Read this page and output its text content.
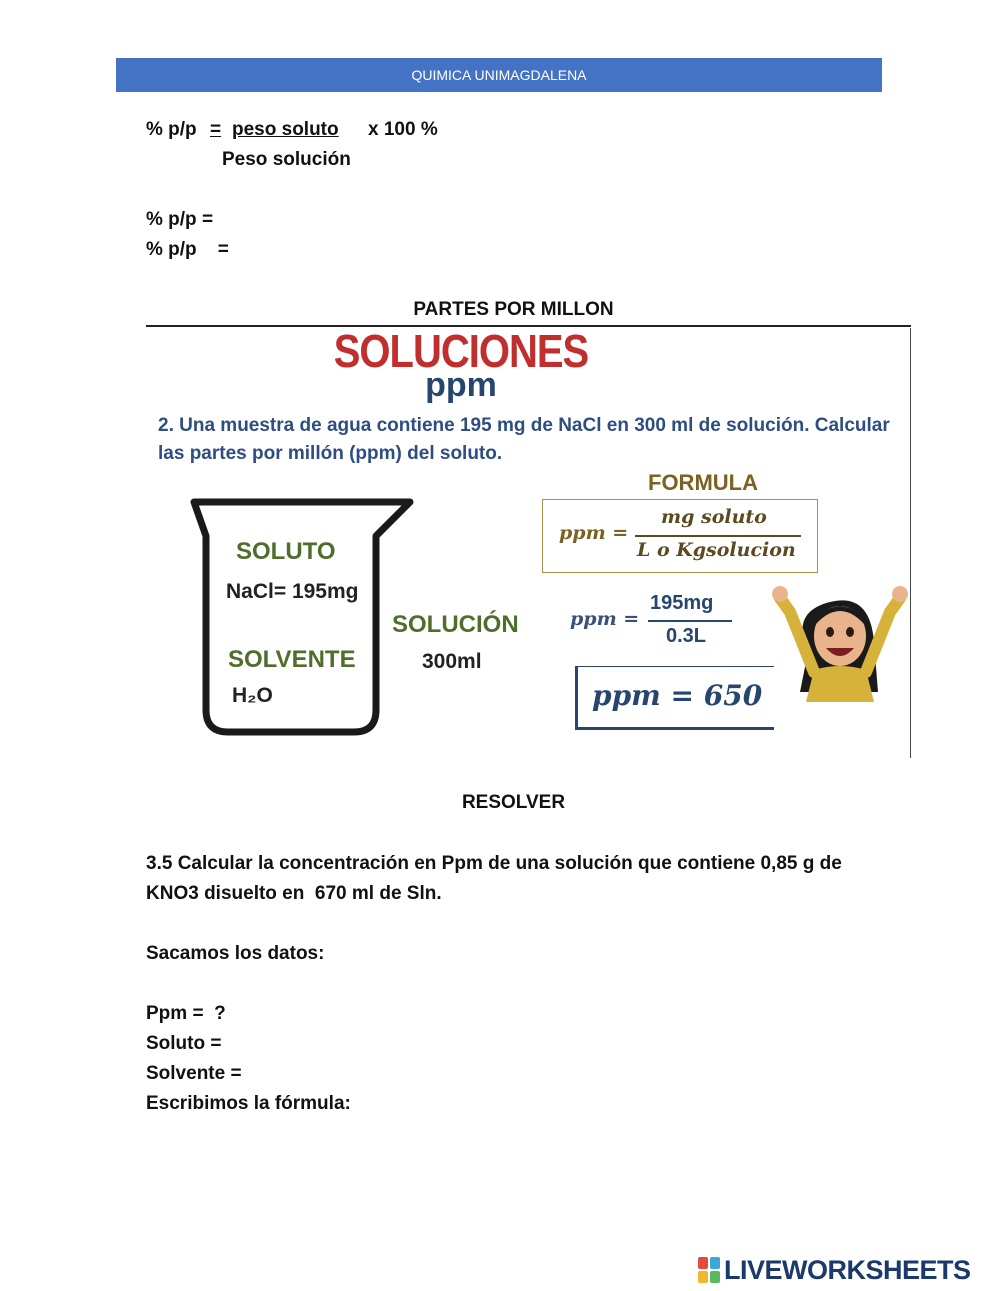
QUIMICA UNIMAGDALENA
% p/p = peso soluto x 100 %
Peso solución
% p/p =
% p/p    =
PARTES POR MILLON
SOLUCIONES
ppm
2. Una muestra de agua contiene 195 mg de NaCl en 300 ml de solución. Calcular las partes por millón (ppm) del soluto.
SOLUTO
NaCl= 195mg
SOLVENTE
H₂O
SOLUCIÓN
300ml
FORMULA
ppm =
mg soluto
L o Kgsolucion
ppm =
195mg
0.3L
ppm = 650
RESOLVER
3.5 Calcular la concentración en Ppm de una solución que contiene 0,85 g de
KNO3 disuelto en  670 ml de Sln.
Sacamos los datos:
Ppm =  ?
Soluto =
Solvente =
Escribimos la fórmula:
LIVEWORKSHEETS
